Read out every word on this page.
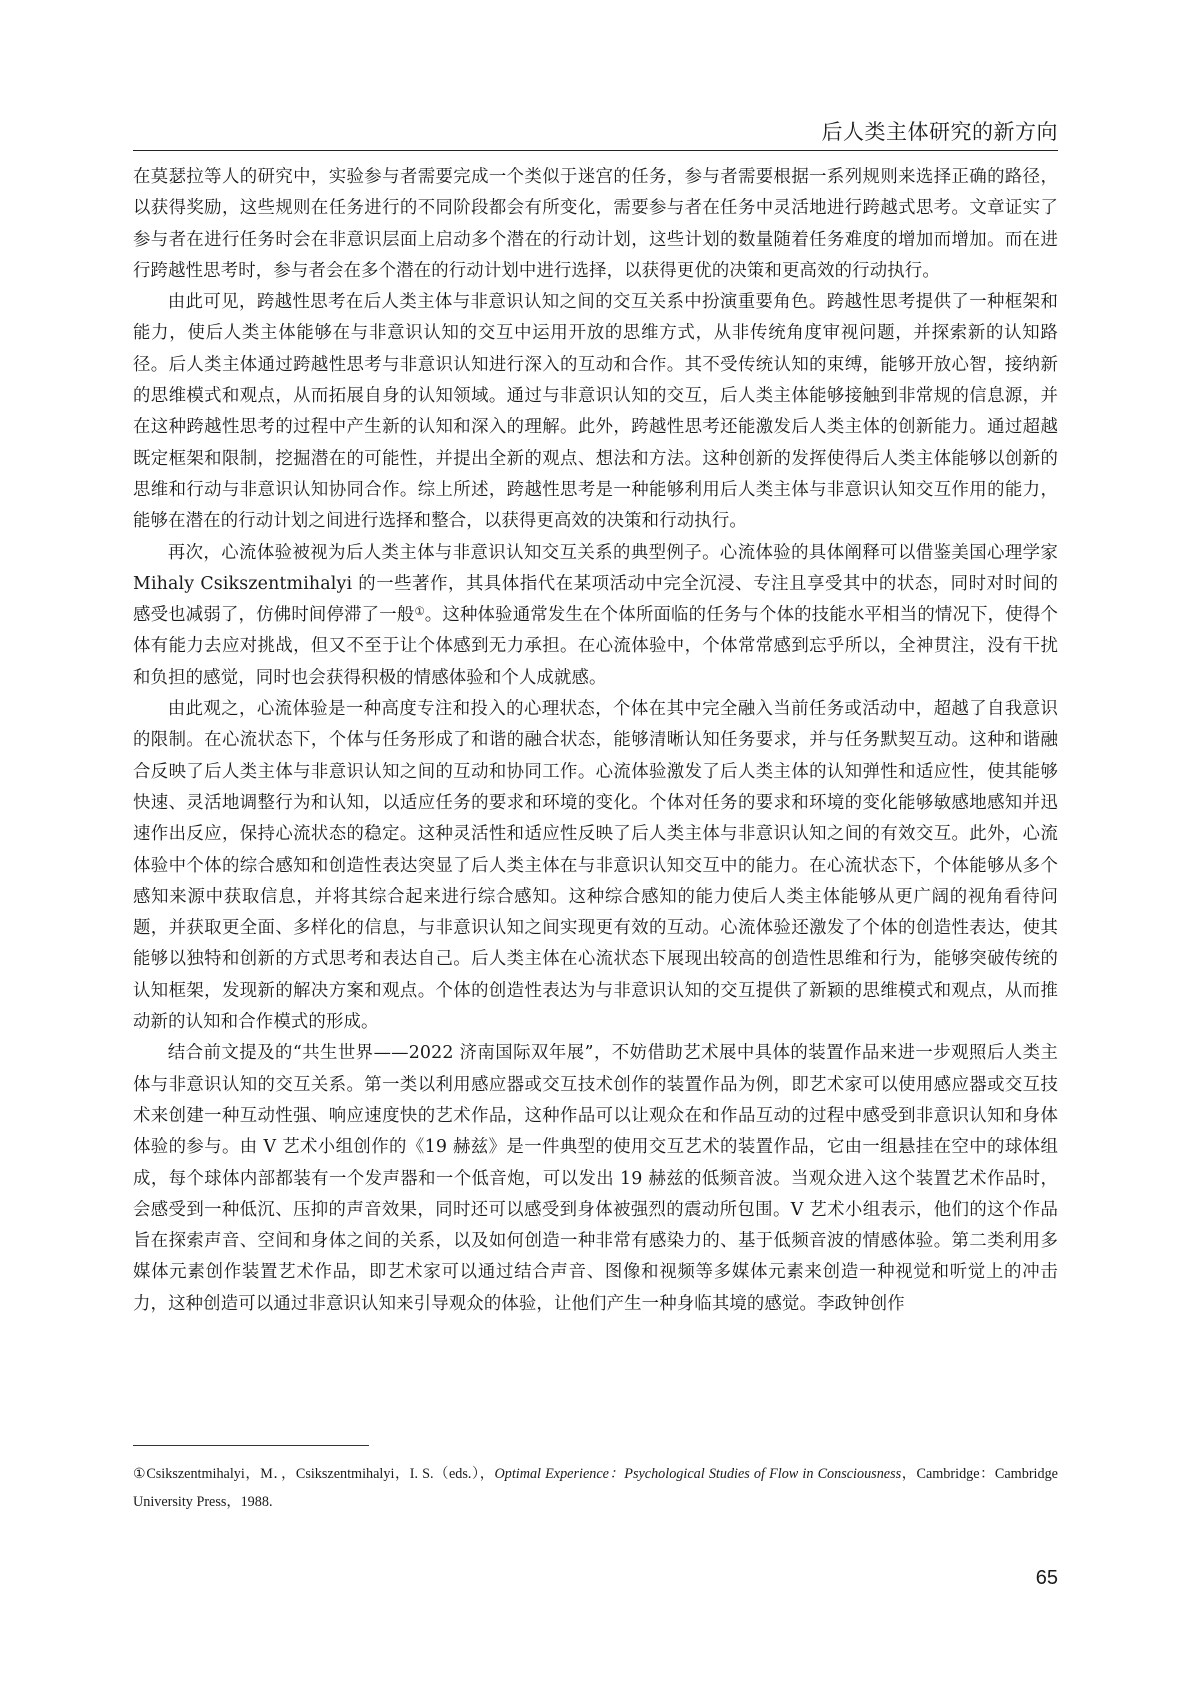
后人类主体研究的新方向

在莫瑟拉等人的研究中，实验参与者需要完成一个类似于迷宫的任务，参与者需要根据一系列规则来选择正确的路径，以获得奖励，这些规则在任务进行的不同阶段都会有所变化，需要参与者在任务中灵活地进行跨越式思考。文章证实了参与者在进行任务时会在非意识层面上启动多个潜在的行动计划，这些计划的数量随着任务难度的增加而增加。而在进行跨越性思考时，参与者会在多个潜在的行动计划中进行选择，以获得更优的决策和更高效的行动执行。

由此可见，跨越性思考在后人类主体与非意识认知之间的交互关系中扮演重要角色。跨越性思考提供了一种框架和能力，使后人类主体能够在与非意识认知的交互中运用开放的思维方式，从非传统角度审视问题，并探索新的认知路径。后人类主体通过跨越性思考与非意识认知进行深入的互动和合作。其不受传统认知的束缚，能够开放心智，接纳新的思维模式和观点，从而拓展自身的认知领域。通过与非意识认知的交互，后人类主体能够接触到非常规的信息源，并在这种跨越性思考的过程中产生新的认知和深入的理解。此外，跨越性思考还能激发后人类主体的创新能力。通过超越既定框架和限制，挖掘潜在的可能性，并提出全新的观点、想法和方法。这种创新的发挥使得后人类主体能够以创新的思维和行动与非意识认知协同合作。综上所述，跨越性思考是一种能够利用后人类主体与非意识认知交互作用的能力，能够在潜在的行动计划之间进行选择和整合，以获得更高效的决策和行动执行。

再次，心流体验被视为后人类主体与非意识认知交互关系的典型例子。心流体验的具体阐释可以借鉴美国心理学家 Mihaly Csikszentmihalyi 的一些著作，其具体指代在某项活动中完全沉浸、专注且享受其中的状态，同时对时间的感受也减弱了，仿佛时间停滞了一般①。这种体验通常发生在个体所面临的任务与个体的技能水平相当的情况下，使得个体有能力去应对挑战，但又不至于让个体感到无力承担。在心流体验中，个体常常感到忘乎所以，全神贯注，没有干扰和负担的感觉，同时也会获得积极的情感体验和个人成就感。

由此观之，心流体验是一种高度专注和投入的心理状态，个体在其中完全融入当前任务或活动中，超越了自我意识的限制。在心流状态下，个体与任务形成了和谐的融合状态，能够清晰认知任务要求，并与任务默契互动。这种和谐融合反映了后人类主体与非意识认知之间的互动和协同工作。心流体验激发了后人类主体的认知弹性和适应性，使其能够快速、灵活地调整行为和认知，以适应任务的要求和环境的变化。个体对任务的要求和环境的变化能够敏感地感知并迅速作出反应，保持心流状态的稳定。这种灵活性和适应性反映了后人类主体与非意识认知之间的有效交互。此外，心流体验中个体的综合感知和创造性表达突显了后人类主体在与非意识认知交互中的能力。在心流状态下，个体能够从多个感知来源中获取信息，并将其综合起来进行综合感知。这种综合感知的能力使后人类主体能够从更广阔的视角看待问题，并获取更全面、多样化的信息，与非意识认知之间实现更有效的互动。心流体验还激发了个体的创造性表达，使其能够以独特和创新的方式思考和表达自己。后人类主体在心流状态下展现出较高的创造性思维和行为，能够突破传统的认知框架，发现新的解决方案和观点。个体的创造性表达为与非意识认知的交互提供了新颖的思维模式和观点，从而推动新的认知和合作模式的形成。

结合前文提及的“共生世界——2022 济南国际双年展”，不妨借助艺术展中具体的装置作品来进一步观照后人类主体与非意识认知的交互关系。第一类以利用感应器或交互技术创作的装置作品为例，即艺术家可以使用感应器或交互技术来创建一种互动性强、响应速度快的艺术作品，这种作品可以让观众在和作品互动的过程中感受到非意识认知和身体体验的参与。由 V 艺术小组创作的《19 赫兹》是一件典型的使用交互艺术的装置作品，它由一组悬挂在空中的球体组成，每个球体内部都装有一个发声器和一个低音炮，可以发出 19 赫兹的低频音波。当观众进入这个装置艺术作品时，会感受到一种低沉、压抑的声音效果，同时还可以感受到身体被强烈的震动所包围。V 艺术小组表示，他们的这个作品旨在探索声音、空间和身体之间的关系，以及如何创造一种非常有感染力的、基于低频音波的情感体验。第二类利用多媒体元素创作装置艺术作品，即艺术家可以通过结合声音、图像和视频等多媒体元素来创造一种视觉和听觉上的冲击力，这种创造可以通过非意识认知来引导观众的体验，让他们产生一种身临其境的感觉。李政钟创作

①Csikszentmihalyi，M．，Csikszentmihalyi，I. S.（eds.），Optimal Experience：Psychological Studies of Flow in Consciousness，Cambridge：Cambridge University Press，1988.

65
